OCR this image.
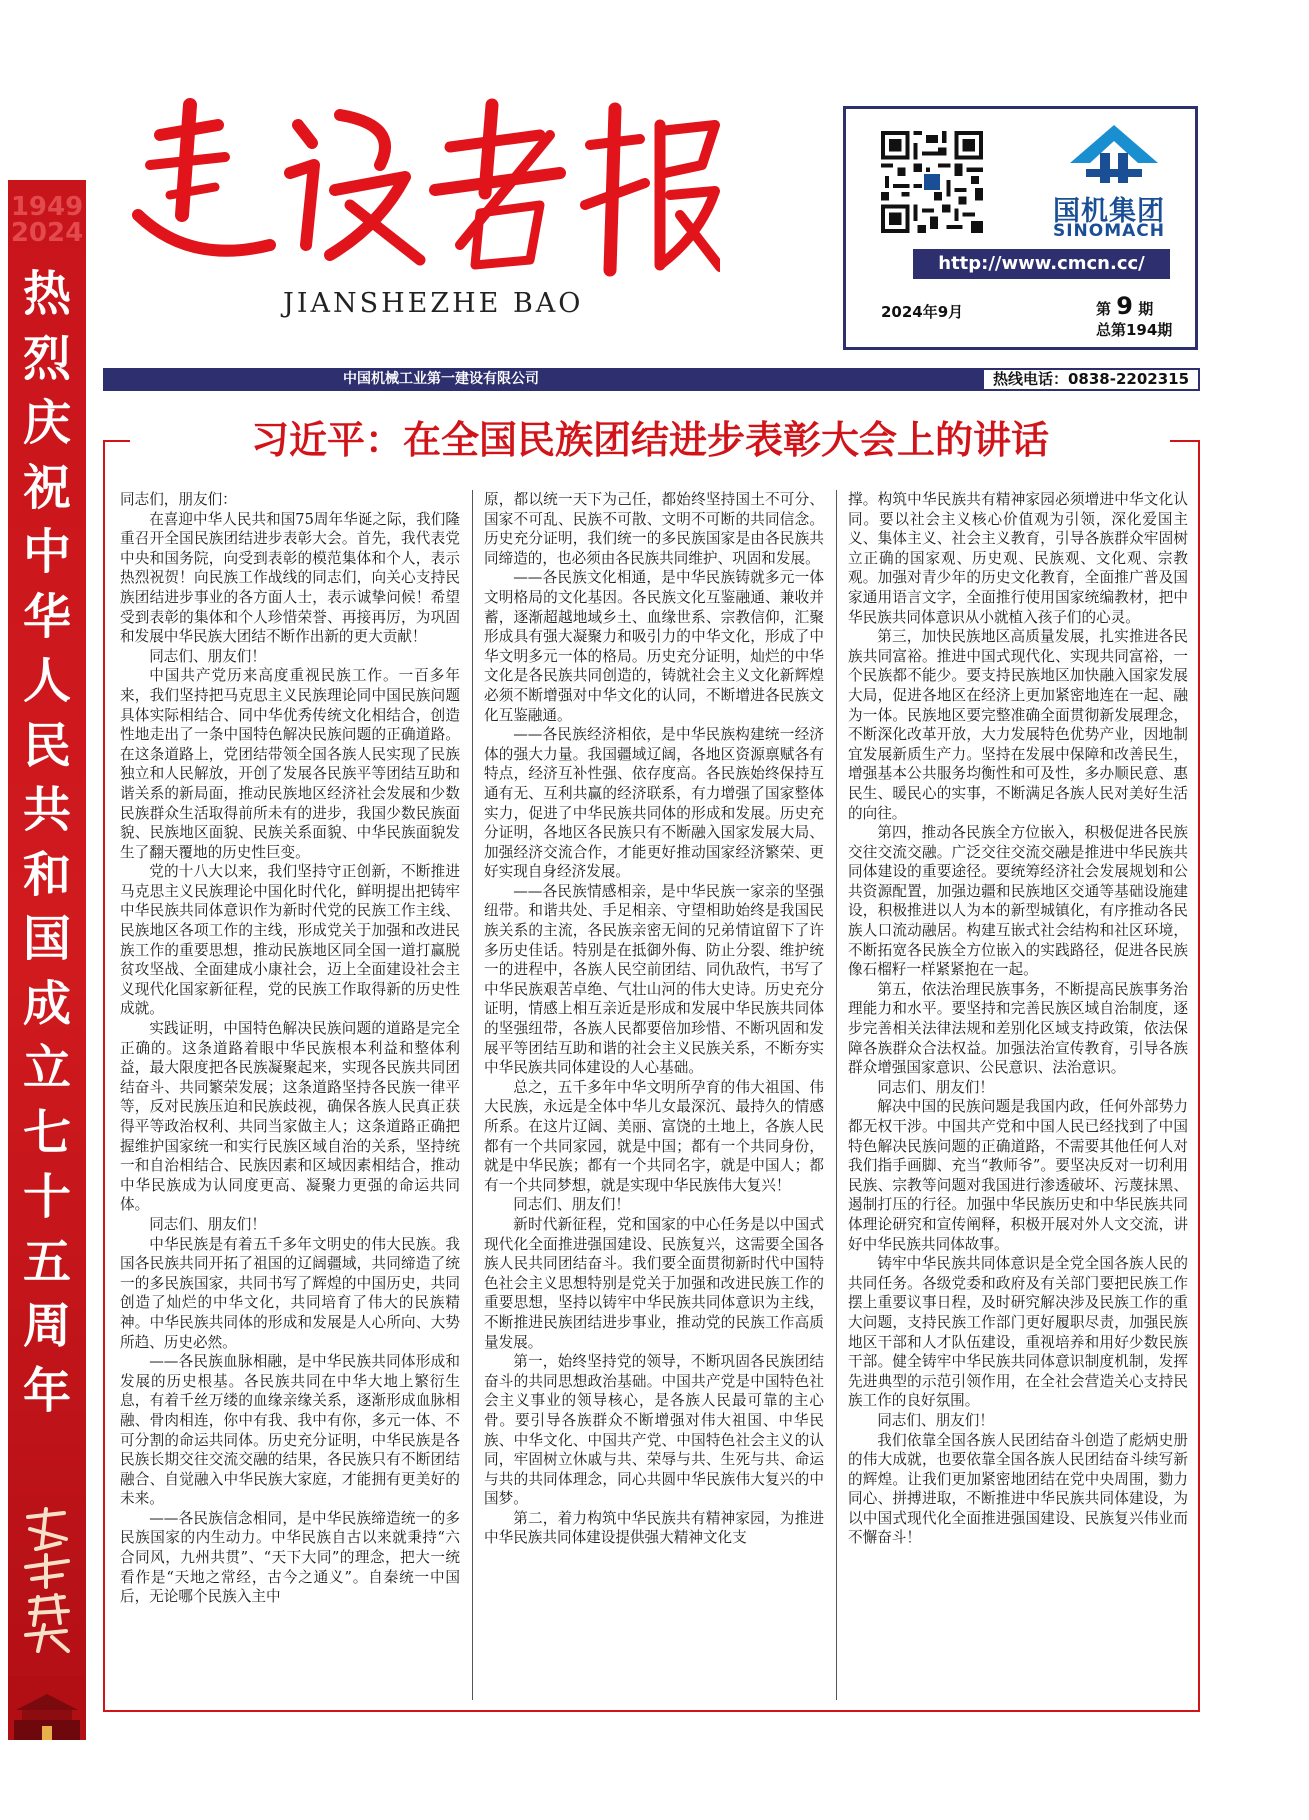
1949
2024
热
烈
庆
祝
中
华
人
民
共
和
国
成
立
七
十
五
周
年
JIANSHEZHE BAO
国机集团
SINOMACH
http://www.cmcn.cc/
2024年9月	第 9 期
总第194期
中国机械工业第一建设有限公司	热线电话：0838-2202315
习近平：在全国民族团结进步表彰大会上的讲话

同志们，朋友们：

在喜迎中华人民共和国75周年华诞之际，我们隆重召开全国民族团结进步表彰大会。首先，我代表党中央和国务院，向受到表彰的模范集体和个人，表示热烈祝贺！向民族工作战线的同志们，向关心支持民族团结进步事业的各方面人士，表示诚挚问候！希望受到表彰的集体和个人珍惜荣誉、再接再厉，为巩固和发展中华民族大团结不断作出新的更大贡献！

同志们、朋友们！

中国共产党历来高度重视民族工作。一百多年来，我们坚持把马克思主义民族理论同中国民族问题具体实际相结合、同中华优秀传统文化相结合，创造性地走出了一条中国特色解决民族问题的正确道路。在这条道路上，党团结带领全国各族人民实现了民族独立和人民解放，开创了发展各民族平等团结互助和谐关系的新局面，推动民族地区经济社会发展和少数民族群众生活取得前所未有的进步，我国少数民族面貌、民族地区面貌、民族关系面貌、中华民族面貌发生了翻天覆地的历史性巨变。

党的十八大以来，我们坚持守正创新，不断推进马克思主义民族理论中国化时代化，鲜明提出把铸牢中华民族共同体意识作为新时代党的民族工作主线、民族地区各项工作的主线，形成党关于加强和改进民族工作的重要思想，推动民族地区同全国一道打赢脱贫攻坚战、全面建成小康社会，迈上全面建设社会主义现代化国家新征程，党的民族工作取得新的历史性成就。

实践证明，中国特色解决民族问题的道路是完全正确的。这条道路着眼中华民族根本利益和整体利益，最大限度把各民族凝聚起来，实现各民族共同团结奋斗、共同繁荣发展；这条道路坚持各民族一律平等，反对民族压迫和民族歧视，确保各族人民真正获得平等政治权利、共同当家做主人；这条道路正确把握维护国家统一和实行民族区域自治的关系，坚持统一和自治相结合、民族因素和区域因素相结合，推动中华民族成为认同度更高、凝聚力更强的命运共同体。

同志们、朋友们！

中华民族是有着五千多年文明史的伟大民族。我国各民族共同开拓了祖国的辽阔疆域，共同缔造了统一的多民族国家，共同书写了辉煌的中国历史，共同创造了灿烂的中华文化，共同培育了伟大的民族精神。中华民族共同体的形成和发展是人心所向、大势所趋、历史必然。

——各民族血脉相融，是中华民族共同体形成和发展的历史根基。各民族共同在中华大地上繁衍生息，有着千丝万缕的血缘亲缘关系，逐渐形成血脉相融、骨肉相连，你中有我、我中有你，多元一体、不可分割的命运共同体。历史充分证明，中华民族是各民族长期交往交流交融的结果，各民族只有不断团结融合、自觉融入中华民族大家庭，才能拥有更美好的未来。

——各民族信念相同，是中华民族缔造统一的多民族国家的内生动力。中华民族自古以来就秉持“六合同风，九州共贯”、“天下大同”的理念，把大一统看作是“天地之常经，古今之通义”。自秦统一中国后，无论哪个民族入主中

原，都以统一天下为己任，都始终坚持国土不可分、国家不可乱、民族不可散、文明不可断的共同信念。历史充分证明，我们统一的多民族国家是由各民族共同缔造的，也必须由各民族共同维护、巩固和发展。

——各民族文化相通，是中华民族铸就多元一体文明格局的文化基因。各民族文化互鉴融通、兼收并蓄，逐渐超越地域乡土、血缘世系、宗教信仰，汇聚形成具有强大凝聚力和吸引力的中华文化，形成了中华文明多元一体的格局。历史充分证明，灿烂的中华文化是各民族共同创造的，铸就社会主义文化新辉煌必须不断增强对中华文化的认同，不断增进各民族文化互鉴融通。

——各民族经济相依，是中华民族构建统一经济体的强大力量。我国疆域辽阔，各地区资源禀赋各有特点，经济互补性强、依存度高。各民族始终保持互通有无、互利共赢的经济联系，有力增强了国家整体实力，促进了中华民族共同体的形成和发展。历史充分证明，各地区各民族只有不断融入国家发展大局、加强经济交流合作，才能更好推动国家经济繁荣、更好实现自身经济发展。

——各民族情感相亲，是中华民族一家亲的坚强纽带。和谐共处、手足相亲、守望相助始终是我国民族关系的主流，各民族亲密无间的兄弟情谊留下了许多历史佳话。特别是在抵御外侮、防止分裂、维护统一的进程中，各族人民空前团结、同仇敌忾，书写了中华民族艰苦卓绝、气壮山河的伟大史诗。历史充分证明，情感上相互亲近是形成和发展中华民族共同体的坚强纽带，各族人民都要倍加珍惜、不断巩固和发展平等团结互助和谐的社会主义民族关系，不断夯实中华民族共同体建设的人心基础。

总之，五千多年中华文明所孕育的伟大祖国、伟大民族，永远是全体中华儿女最深沉、最持久的情感所系。在这片辽阔、美丽、富饶的土地上，各族人民都有一个共同家园，就是中国；都有一个共同身份，就是中华民族；都有一个共同名字，就是中国人；都有一个共同梦想，就是实现中华民族伟大复兴！

同志们、朋友们！

新时代新征程，党和国家的中心任务是以中国式现代化全面推进强国建设、民族复兴，这需要全国各族人民共同团结奋斗。我们要全面贯彻新时代中国特色社会主义思想特别是党关于加强和改进民族工作的重要思想，坚持以铸牢中华民族共同体意识为主线，不断推进民族团结进步事业，推动党的民族工作高质量发展。

第一，始终坚持党的领导，不断巩固各民族团结奋斗的共同思想政治基础。中国共产党是中国特色社会主义事业的领导核心，是各族人民最可靠的主心骨。要引导各族群众不断增强对伟大祖国、中华民族、中华文化、中国共产党、中国特色社会主义的认同，牢固树立休戚与共、荣辱与共、生死与共、命运与共的共同体理念，同心共圆中华民族伟大复兴的中国梦。

第二，着力构筑中华民族共有精神家园，为推进中华民族共同体建设提供强大精神文化支

撑。构筑中华民族共有精神家园必须增进中华文化认同。要以社会主义核心价值观为引领，深化爱国主义、集体主义、社会主义教育，引导各族群众牢固树立正确的国家观、历史观、民族观、文化观、宗教观。加强对青少年的历史文化教育，全面推广普及国家通用语言文字，全面推行使用国家统编教材，把中华民族共同体意识从小就植入孩子们的心灵。

第三，加快民族地区高质量发展，扎实推进各民族共同富裕。推进中国式现代化、实现共同富裕，一个民族都不能少。要支持民族地区加快融入国家发展大局，促进各地区在经济上更加紧密地连在一起、融为一体。民族地区要完整准确全面贯彻新发展理念，不断深化改革开放，大力发展特色优势产业，因地制宜发展新质生产力。坚持在发展中保障和改善民生，增强基本公共服务均衡性和可及性，多办顺民意、惠民生、暖民心的实事，不断满足各族人民对美好生活的向往。

第四，推动各民族全方位嵌入，积极促进各民族交往交流交融。广泛交往交流交融是推进中华民族共同体建设的重要途径。要统筹经济社会发展规划和公共资源配置，加强边疆和民族地区交通等基础设施建设，积极推进以人为本的新型城镇化，有序推动各民族人口流动融居。构建互嵌式社会结构和社区环境，不断拓宽各民族全方位嵌入的实践路径，促进各民族像石榴籽一样紧紧抱在一起。

第五，依法治理民族事务，不断提高民族事务治理能力和水平。要坚持和完善民族区域自治制度，逐步完善相关法律法规和差别化区域支持政策，依法保障各族群众合法权益。加强法治宣传教育，引导各族群众增强国家意识、公民意识、法治意识。

同志们、朋友们！

解决中国的民族问题是我国内政，任何外部势力都无权干涉。中国共产党和中国人民已经找到了中国特色解决民族问题的正确道路，不需要其他任何人对我们指手画脚、充当“教师爷”。要坚决反对一切利用民族、宗教等问题对我国进行渗透破坏、污蔑抹黑、遏制打压的行径。加强中华民族历史和中华民族共同体理论研究和宣传阐释，积极开展对外人文交流，讲好中华民族共同体故事。

铸牢中华民族共同体意识是全党全国各族人民的共同任务。各级党委和政府及有关部门要把民族工作摆上重要议事日程，及时研究解决涉及民族工作的重大问题，支持民族工作部门更好履职尽责，加强民族地区干部和人才队伍建设，重视培养和用好少数民族干部。健全铸牢中华民族共同体意识制度机制，发挥先进典型的示范引领作用，在全社会营造关心支持民族工作的良好氛围。

同志们、朋友们！

我们依靠全国各族人民团结奋斗创造了彪炳史册的伟大成就，也要依靠全国各族人民团结奋斗续写新的辉煌。让我们更加紧密地团结在党中央周围，勠力同心、拼搏进取，不断推进中华民族共同体建设，为以中国式现代化全面推进强国建设、民族复兴伟业而不懈奋斗！
